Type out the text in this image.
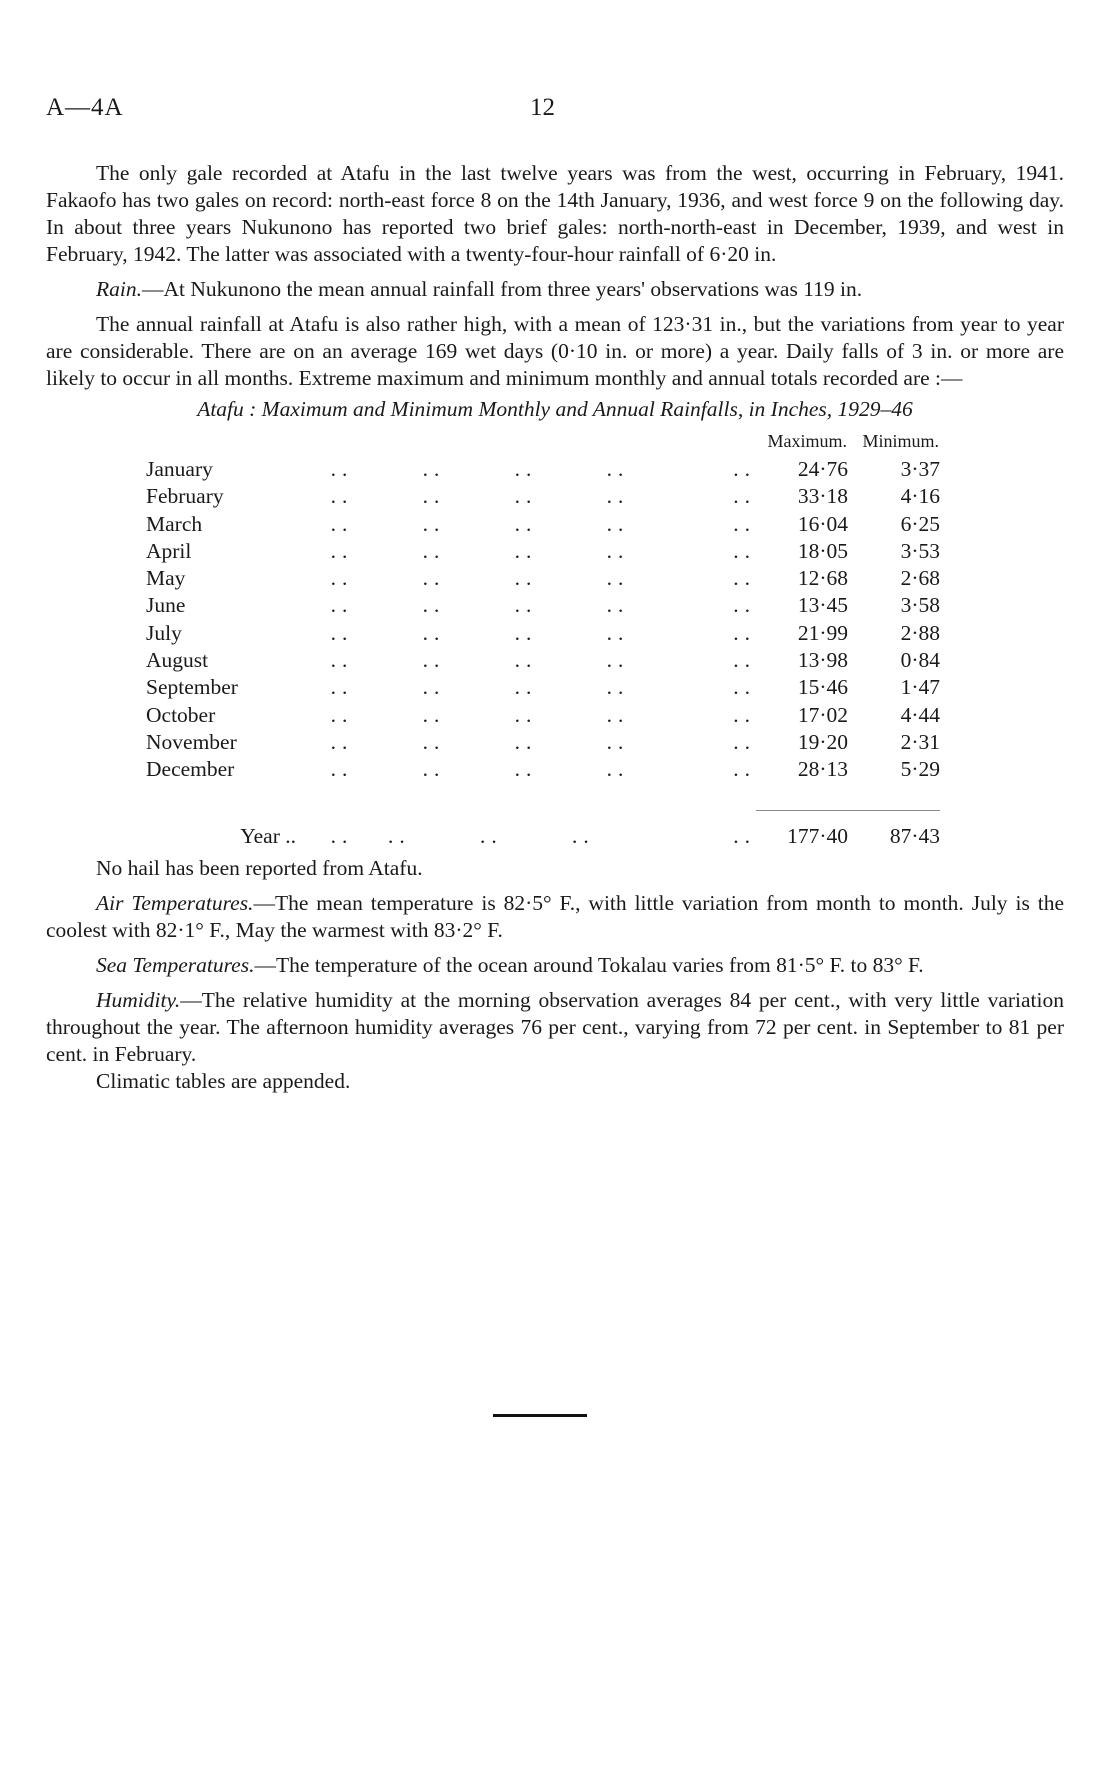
A—4A	12

The only gale recorded at Atafu in the last twelve years was from the west, occurring in February, 1941. Fakaofo has two gales on record: north-east force 8 on the 14th January, 1936, and west force 9 on the following day. In about three years Nukunono has reported two brief gales: north-north-east in December, 1939, and west in February, 1942. The latter was associated with a twenty-four-hour rainfall of 6·20 in.

Rain.—At Nukunono the mean annual rainfall from three years' observations was 119 in.

The annual rainfall at Atafu is also rather high, with a mean of 123·31 in., but the variations from year to year are considerable. There are on an average 169 wet days (0·10 in. or more) a year. Daily falls of 3 in. or more are likely to occur in all months. Extreme maximum and minimum monthly and annual totals recorded are :—

Atafu : Maximum and Minimum Monthly and Annual Rainfalls, in Inches, 1929–46
						Maximum.	Minimum.
January	..	..	..	..	..	24·76	3·37
February	..	..	..	..	..	33·18	4·16
March	..	..	..	..	..	16·04	6·25
April	..	..	..	..	..	18·05	3·53
May	..	..	..	..	..	12·68	2·68
June	..	..	..	..	..	13·45	3·58
July	..	..	..	..	..	21·99	2·88
August	..	..	..	..	..	13·98	0·84
September	..	..	..	..	..	15·46	1·47
October	..	..	..	..	..	17·02	4·44
November	..	..	..	..	..	19·20	2·31
December	..	..	..	..	..	28·13	5·29

Year ..	..	..	..	..	..	177·40	87·43

No hail has been reported from Atafu.

Air Temperatures.—The mean temperature is 82·5° F., with little variation from month to month. July is the coolest with 82·1° F., May the warmest with 83·2° F.

Sea Temperatures.—The temperature of the ocean around Tokalau varies from 81·5° F. to 83° F.

Humidity.—The relative humidity at the morning observation averages 84 per cent., with very little variation throughout the year. The afternoon humidity averages 76 per cent., varying from 72 per cent. in September to 81 per cent. in February.

Climatic tables are appended.
